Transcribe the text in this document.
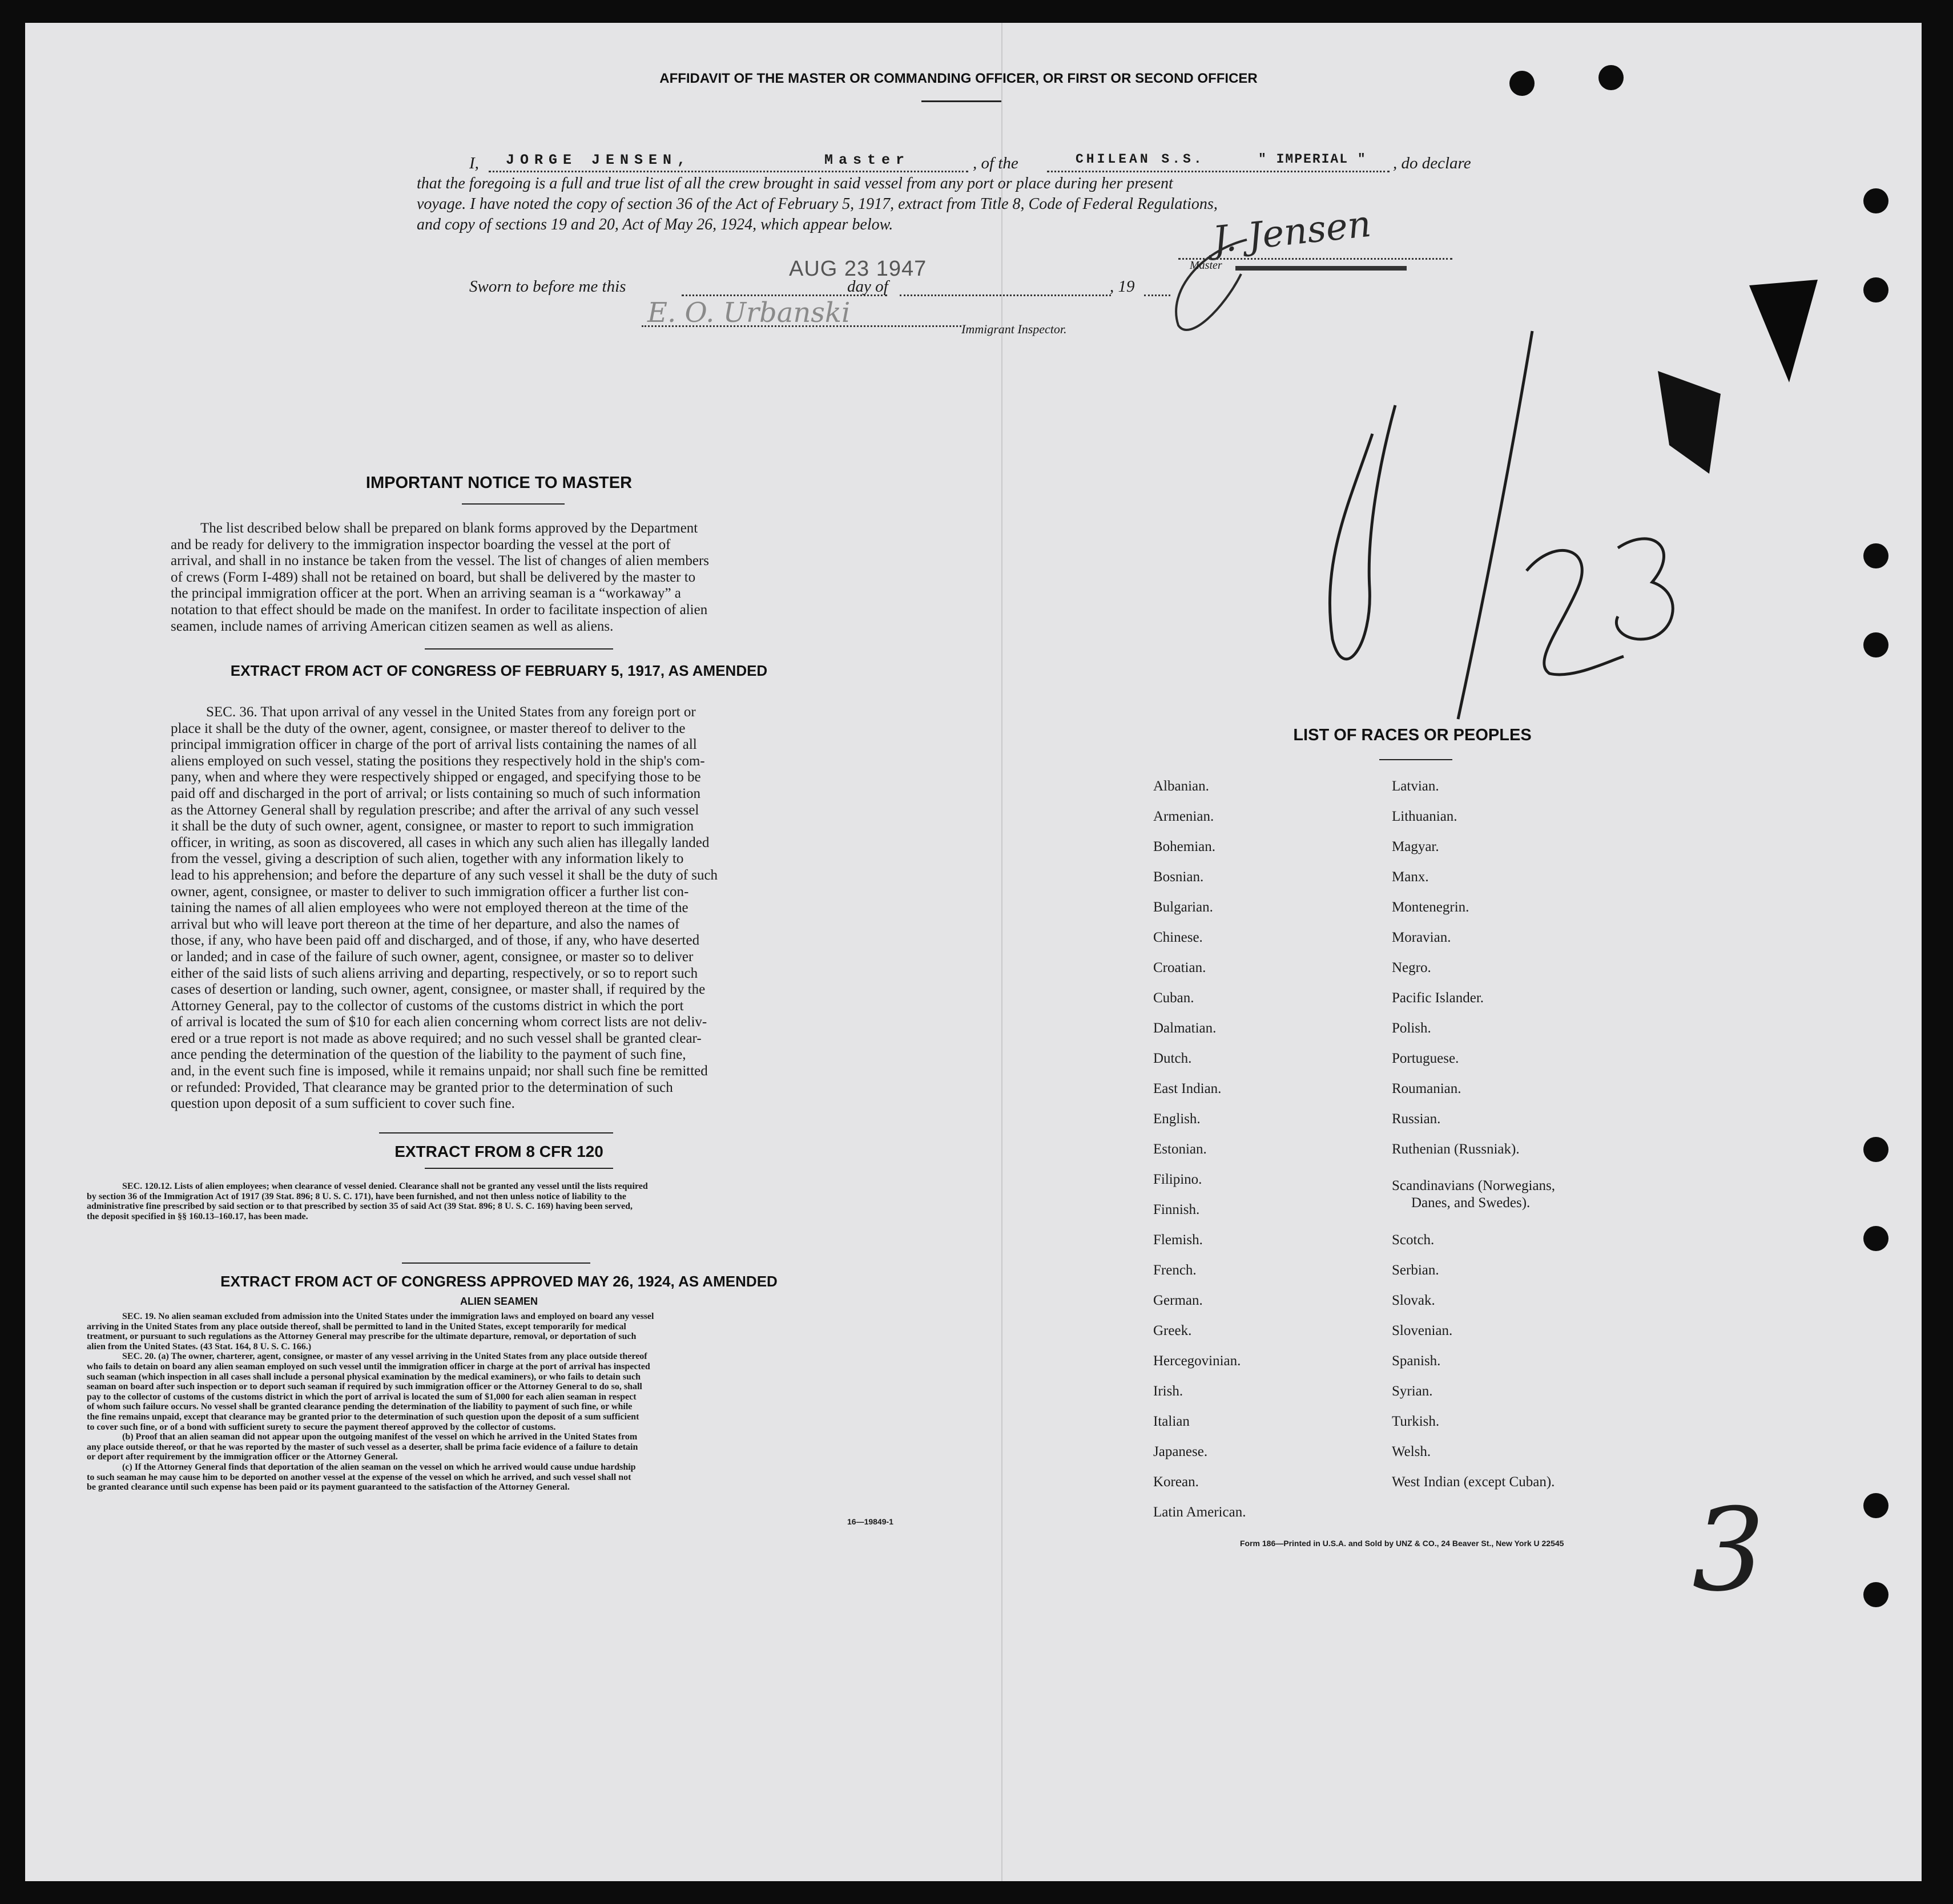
AFFIDAVIT OF THE MASTER OR COMMANDING OFFICER, OR FIRST OR SECOND OFFICER
I, JORGE JENSEN,	Master	, of the	CHILEAN S.S.	" IMPERIAL " , do declare
that the foregoing is a full and true list of all the crew brought in said vessel from any port or place during her present
voyage. I have noted the copy of section 36 of the Act of February 5, 1917, extract from Title 8, Code of Federal Regulations,
and copy of sections 19 and 20, Act of May 26, 1924, which appear below.	J. Jensen
Master
Sworn to before me this
AUG 23 1947
day of	, 19
E. O. Urbanski
Immigrant Inspector.
IMPORTANT NOTICE TO MASTER
The list described below shall be prepared on blank forms approved by the Department
and be ready for delivery to the immigration inspector boarding the vessel at the port of
arrival, and shall in no instance be taken from the vessel. The list of changes of alien members
of crews (Form I-489) shall not be retained on board, but shall be delivered by the master to
the principal immigration officer at the port. When an arriving seaman is a “workaway” a
notation to that effect should be made on the manifest. In order to facilitate inspection of alien
seamen, include names of arriving American citizen seamen as well as aliens.
EXTRACT FROM ACT OF CONGRESS OF FEBRUARY 5, 1917, AS AMENDED
SEC. 36. That upon arrival of any vessel in the United States from any foreign port or
place it shall be the duty of the owner, agent, consignee, or master thereof to deliver to the
principal immigration officer in charge of the port of arrival lists containing the names of all
aliens employed on such vessel, stating the positions they respectively hold in the ship's com-
pany, when and where they were respectively shipped or engaged, and specifying those to be
paid off and discharged in the port of arrival; or lists containing so much of such information
as the Attorney General shall by regulation prescribe; and after the arrival of any such vessel
it shall be the duty of such owner, agent, consignee, or master to report to such immigration
officer, in writing, as soon as discovered, all cases in which any such alien has illegally landed
from the vessel, giving a description of such alien, together with any information likely to
lead to his apprehension; and before the departure of any such vessel it shall be the duty of such
owner, agent, consignee, or master to deliver to such immigration officer a further list con-
taining the names of all alien employees who were not employed thereon at the time of the
arrival but who will leave port thereon at the time of her departure, and also the names of
those, if any, who have been paid off and discharged, and of those, if any, who have deserted
or landed; and in case of the failure of such owner, agent, consignee, or master so to deliver
either of the said lists of such aliens arriving and departing, respectively, or so to report such
cases of desertion or landing, such owner, agent, consignee, or master shall, if required by the
Attorney General, pay to the collector of customs of the customs district in which the port
of arrival is located the sum of $10 for each alien concerning whom correct lists are not deliv-
ered or a true report is not made as above required; and no such vessel shall be granted clear-
ance pending the determination of the question of the liability to the payment of such fine,
and, in the event such fine is imposed, while it remains unpaid; nor shall such fine be remitted
or refunded: Provided, That clearance may be granted prior to the determination of such
question upon deposit of a sum sufficient to cover such fine.
EXTRACT FROM 8 CFR 120
SEC. 120.12. Lists of alien employees; when clearance of vessel denied. Clearance shall not be granted any vessel until the lists required
by section 36 of the Immigration Act of 1917 (39 Stat. 896; 8 U. S. C. 171), have been furnished, and not then unless notice of liability to the
administrative fine prescribed by said section or to that prescribed by section 35 of said Act (39 Stat. 896; 8 U. S. C. 169) having been served,
the deposit specified in §§ 160.13–160.17, has been made.
EXTRACT FROM ACT OF CONGRESS APPROVED MAY 26, 1924, AS AMENDED
ALIEN SEAMEN
SEC. 19. No alien seaman excluded from admission into the United States under the immigration laws and employed on board any vessel
arriving in the United States from any place outside thereof, shall be permitted to land in the United States, except temporarily for medical
treatment, or pursuant to such regulations as the Attorney General may prescribe for the ultimate departure, removal, or deportation of such
alien from the United States. (43 Stat. 164, 8 U. S. C. 166.)
SEC. 20. (a) The owner, charterer, agent, consignee, or master of any vessel arriving in the United States from any place outside thereof
who fails to detain on board any alien seaman employed on such vessel until the immigration officer in charge at the port of arrival has inspected
such seaman (which inspection in all cases shall include a personal physical examination by the medical examiners), or who fails to detain such
seaman on board after such inspection or to deport such seaman if required by such immigration officer or the Attorney General to do so, shall
pay to the collector of customs of the customs district in which the port of arrival is located the sum of $1,000 for each alien seaman in respect
of whom such failure occurs. No vessel shall be granted clearance pending the determination of the liability to payment of such fine, or while
the fine remains unpaid, except that clearance may be granted prior to the determination of such question upon the deposit of a sum sufficient
to cover such fine, or of a bond with sufficient surety to secure the payment thereof approved by the collector of customs.
(b) Proof that an alien seaman did not appear upon the outgoing manifest of the vessel on which he arrived in the United States from
any place outside thereof, or that he was reported by the master of such vessel as a deserter, shall be prima facie evidence of a failure to detain
or deport after requirement by the immigration officer or the Attorney General.
(c) If the Attorney General finds that deportation of the alien seaman on the vessel on which he arrived would cause undue hardship
to such seaman he may cause him to be deported on another vessel at the expense of the vessel on which he arrived, and such vessel shall not
be granted clearance until such expense has been paid or its payment guaranteed to the satisfaction of the Attorney General.
16—19849-1
LIST OF RACES OR PEOPLES
Albanian.
Armenian.
Bohemian.
Bosnian.
Bulgarian.
Chinese.
Croatian.
Cuban.
Dalmatian.
Dutch.
East Indian.
English.
Estonian.
Filipino.
Finnish.
Flemish.
French.
German.
Greek.
Hercegovinian.
Irish.
Italian
Japanese.
Korean.
Latin American.
Latvian.
Lithuanian.
Magyar.
Manx.
Montenegrin.
Moravian.
Negro.
Pacific Islander.
Polish.
Portuguese.
Roumanian.
Russian.
Ruthenian (Russniak).
Scandinavians (Norwegians,
Danes, and Swedes).
Scotch.
Serbian.
Slovak.
Slovenian.
Spanish.
Syrian.
Turkish.
Welsh.
West Indian (except Cuban).
Form 186—Printed in U.S.A. and Sold by UNZ & CO., 24 Beaver St., New York U 22545 3
